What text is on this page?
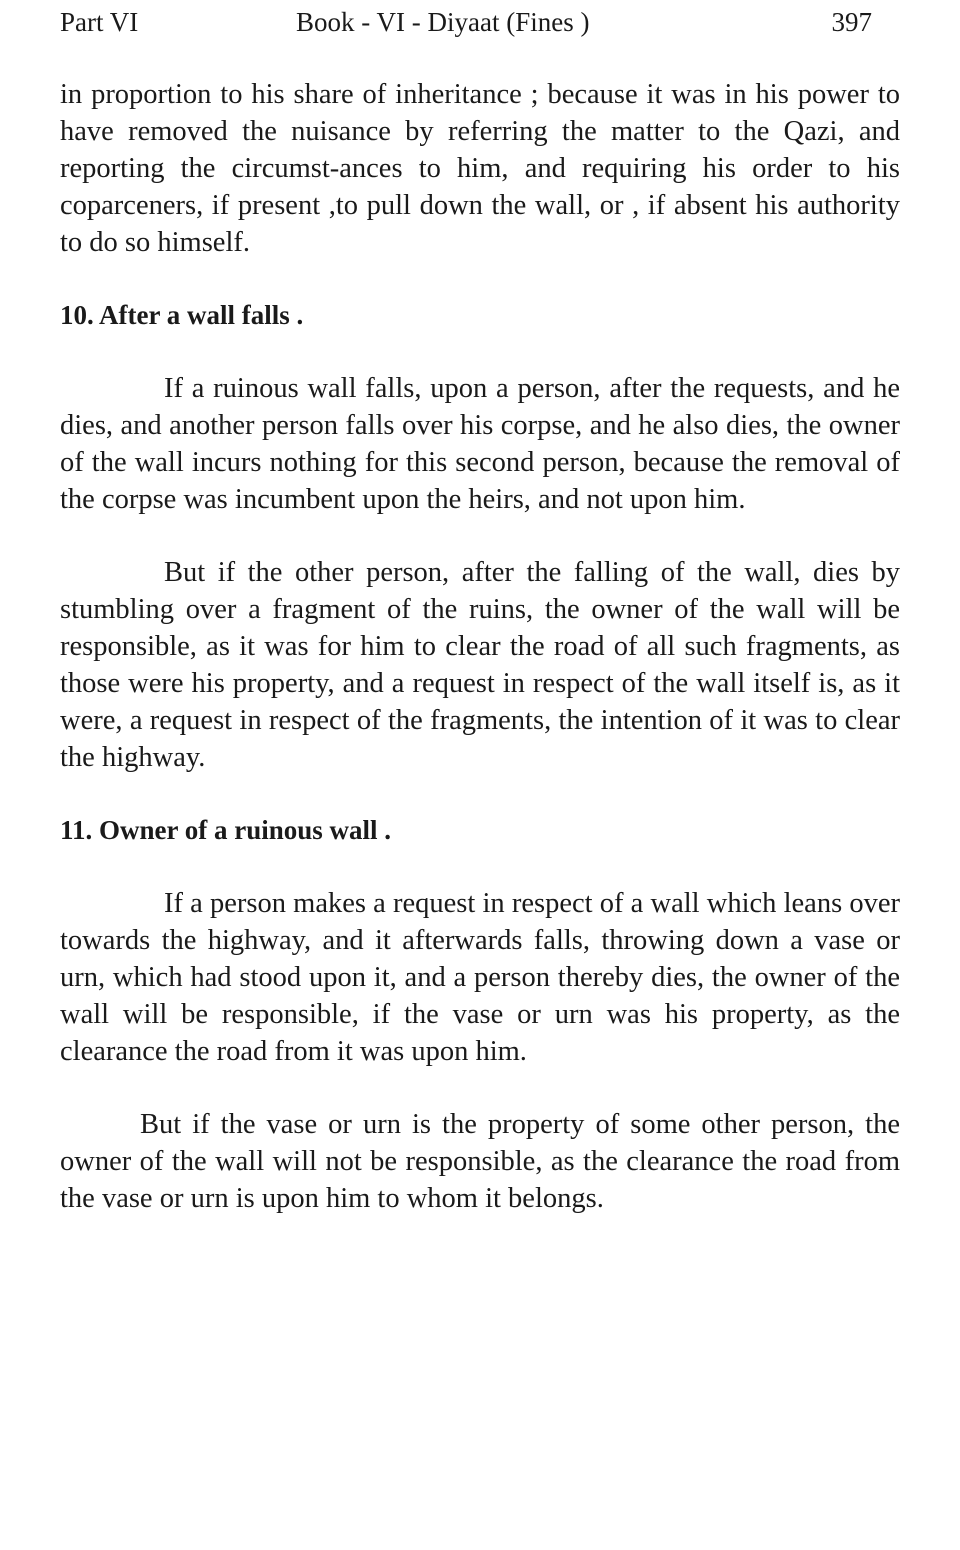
Part VI	Book - VI - Diyaat (Fines )	397

in proportion to his share of inheritance ; because it was in his power to have removed the nuisance by referring the matter to the Qazi, and reporting the circumst-ances to him, and requiring his order to his coparceners, if present ,to pull down the wall, or , if absent his authority to do so himself.

10. After a wall falls .

If a ruinous wall falls, upon a person, after the requests, and he dies, and another person falls over his corpse, and he also dies, the owner of the wall incurs nothing for this second person, because the removal of the corpse was incumbent upon the heirs, and not upon him.

But if the other person, after the falling of the wall, dies by stumbling over a fragment of the ruins, the owner of the wall will be responsible, as it was for him to clear the road of all such fragments, as those were his property, and a request in respect of the wall itself is, as it were, a request in respect of the fragments, the intention of it was to clear the highway.

11. Owner of a ruinous wall .

If a person makes a request in respect of a wall which leans over towards the highway, and it afterwards falls, throwing down a vase or urn, which had stood upon it, and a person thereby dies, the owner of the wall will be responsible, if the vase or urn was his property, as the clearance the road from it was upon him.

But if the vase or urn is the property of some other person, the owner of the wall will not be responsible, as the clearance the road from the vase or urn is upon him to whom it belongs.
